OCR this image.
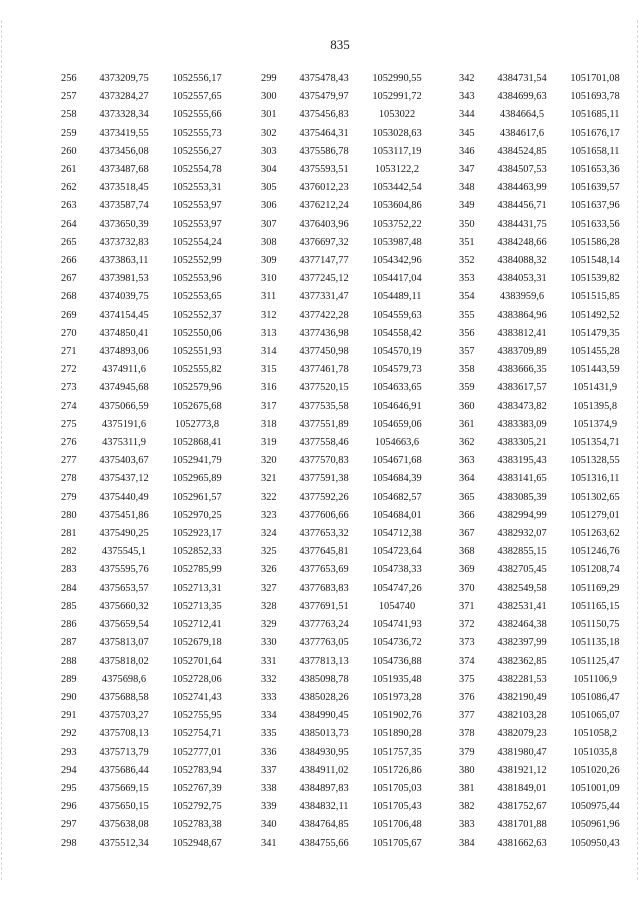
835
256	4373209,75	1052556,17
257	4373284,27	1052557,65
258	4373328,34	1052555,66
259	4373419,55	1052555,73
260	4373456,08	1052556,27
261	4373487,68	1052554,78
262	4373518,45	1052553,31
263	4373587,74	1052553,97
264	4373650,39	1052553,97
265	4373732,83	1052554,24
266	4373863,11	1052552,99
267	4373981,53	1052553,96
268	4374039,75	1052553,65
269	4374154,45	1052552,37
270	4374850,41	1052550,06
271	4374893,06	1052551,93
272	4374911,6	1052555,82
273	4374945,68	1052579,96
274	4375066,59	1052675,68
275	4375191,6	1052773,8
276	4375311,9	1052868,41
277	4375403,67	1052941,79
278	4375437,12	1052965,89
279	4375440,49	1052961,57
280	4375451,86	1052970,25
281	4375490,25	1052923,17
282	4375545,1	1052852,33
283	4375595,76	1052785,99
284	4375653,57	1052713,31
285	4375660,32	1052713,35
286	4375659,54	1052712,41
287	4375813,07	1052679,18
288	4375818,02	1052701,64
289	4375698,6	1052728,06
290	4375688,58	1052741,43
291	4375703,27	1052755,95
292	4375708,13	1052754,71
293	4375713,79	1052777,01
294	4375686,44	1052783,94
295	4375669,15	1052767,39
296	4375650,15	1052792,75
297	4375638,08	1052783,38
298	4375512,34	1052948,67
299	4375478,43	1052990,55
300	4375479,97	1052991,72
301	4375456,83	1053022
302	4375464,31	1053028,63
303	4375586,78	1053117,19
304	4375593,51	1053122,2
305	4376012,23	1053442,54
306	4376212,24	1053604,86
307	4376403,96	1053752,22
308	4376697,32	1053987,48
309	4377147,77	1054342,96
310	4377245,12	1054417,04
311	4377331,47	1054489,11
312	4377422,28	1054559,63
313	4377436,98	1054558,42
314	4377450,98	1054570,19
315	4377461,78	1054579,73
316	4377520,15	1054633,65
317	4377535,58	1054646,91
318	4377551,89	1054659,06
319	4377558,46	1054663,6
320	4377570,83	1054671,68
321	4377591,38	1054684,39
322	4377592,26	1054682,57
323	4377606,66	1054684,01
324	4377653,32	1054712,38
325	4377645,81	1054723,64
326	4377653,69	1054738,33
327	4377683,83	1054747,26
328	4377691,51	1054740
329	4377763,24	1054741,93
330	4377763,05	1054736,72
331	4377813,13	1054736,88
332	4385098,78	1051935,48
333	4385028,26	1051973,28
334	4384990,45	1051902,76
335	4385013,73	1051890,28
336	4384930,95	1051757,35
337	4384911,02	1051726,86
338	4384897,83	1051705,03
339	4384832,11	1051705,43
340	4384764,85	1051706,48
341	4384755,66	1051705,67
342	4384731,54	1051701,08
343	4384699,63	1051693,78
344	4384664,5	1051685,11
345	4384617,6	1051676,17
346	4384524,85	1051658,11
347	4384507,53	1051653,36
348	4384463,99	1051639,57
349	4384456,71	1051637,96
350	4384431,75	1051633,56
351	4384248,66	1051586,28
352	4384088,32	1051548,14
353	4384053,31	1051539,82
354	4383959,6	1051515,85
355	4383864,96	1051492,52
356	4383812,41	1051479,35
357	4383709,89	1051455,28
358	4383666,35	1051443,59
359	4383617,57	1051431,9
360	4383473,82	1051395,8
361	4383383,09	1051374,9
362	4383305,21	1051354,71
363	4383195,43	1051328,55
364	4383141,65	1051316,11
365	4383085,39	1051302,65
366	4382994,99	1051279,01
367	4382932,07	1051263,62
368	4382855,15	1051246,76
369	4382705,45	1051208,74
370	4382549,58	1051169,29
371	4382531,41	1051165,15
372	4382464,38	1051150,75
373	4382397,99	1051135,18
374	4382362,85	1051125,47
375	4382281,53	1051106,9
376	4382190,49	1051086,47
377	4382103,28	1051065,07
378	4382079,23	1051058,2
379	4381980,47	1051035,8
380	4381921,12	1051020,26
381	4381849,01	1051001,09
382	4381752,67	1050975,44
383	4381701,88	1050961,96
384	4381662,63	1050950,43
